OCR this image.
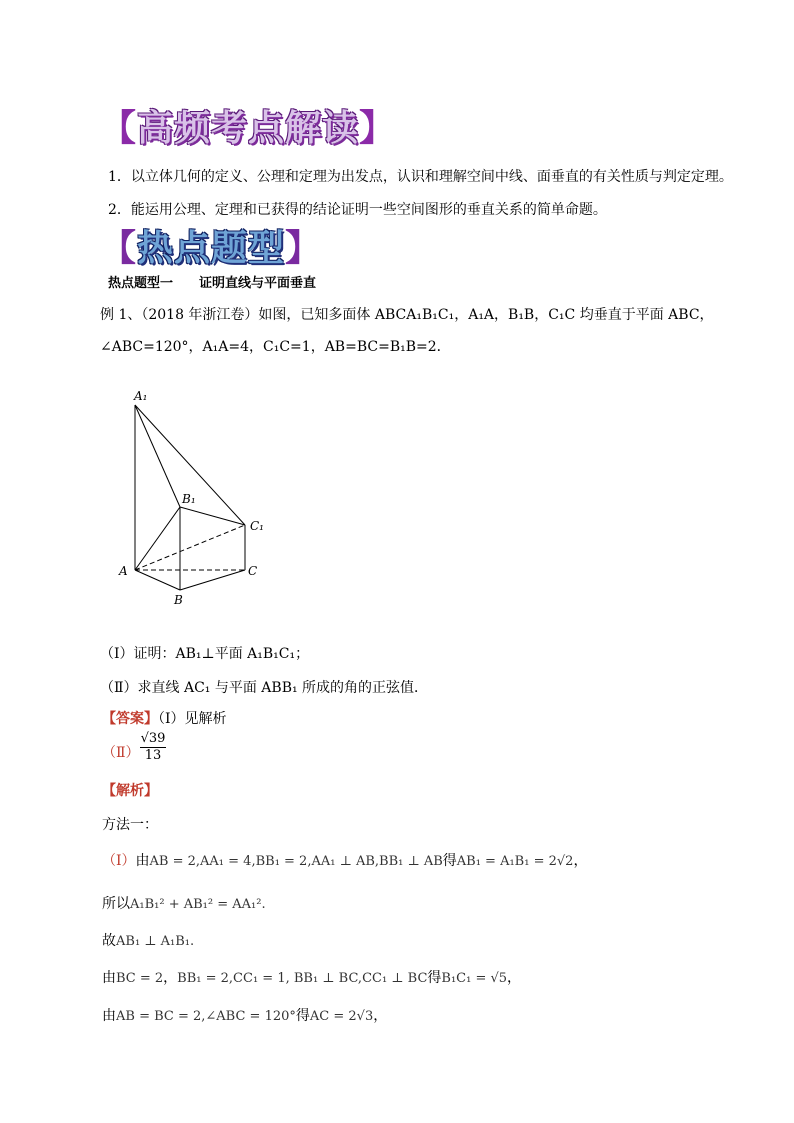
【高频考点解读】
1．以立体几何的定义、公理和定理为出发点，认识和理解空间中线、面垂直的有关性质与判定定理。
2．能运用公理、定理和已获得的结论证明一些空间图形的垂直关系的简单命题。
【热点题型】
热点题型一　　证明直线与平面垂直
例 1、（2018 年浙江卷）如图，已知多面体 ABCA₁B₁C₁，A₁A，B₁B，C₁C 均垂直于平面 ABC，
∠ABC=120°，A₁A=4，C₁C=1，AB=BC=B₁B=2．
A₁
B₁
C₁
A
B
C
（Ⅰ）证明：AB₁⊥平面 A₁B₁C₁；
（Ⅱ）求直线 AC₁ 与平面 ABB₁ 所成的角的正弦值．
【答案】（Ⅰ）见解析
（Ⅱ） $\frac{√39}{13}$
【解析】
方法一：
（Ⅰ）由AB = 2,AA₁ = 4,BB₁ = 2,AA₁ ⊥ AB,BB₁ ⊥ AB得AB₁ = A₁B₁ = 2√2，
所以A₁B₁² + AB₁² = AA₁².
故AB₁ ⊥ A₁B₁.
由BC = 2，BB₁ = 2,CC₁ = 1, BB₁ ⊥ BC,CC₁ ⊥ BC得B₁C₁ = √5，
由AB = BC = 2,∠ABC = 120°得AC = 2√3，
